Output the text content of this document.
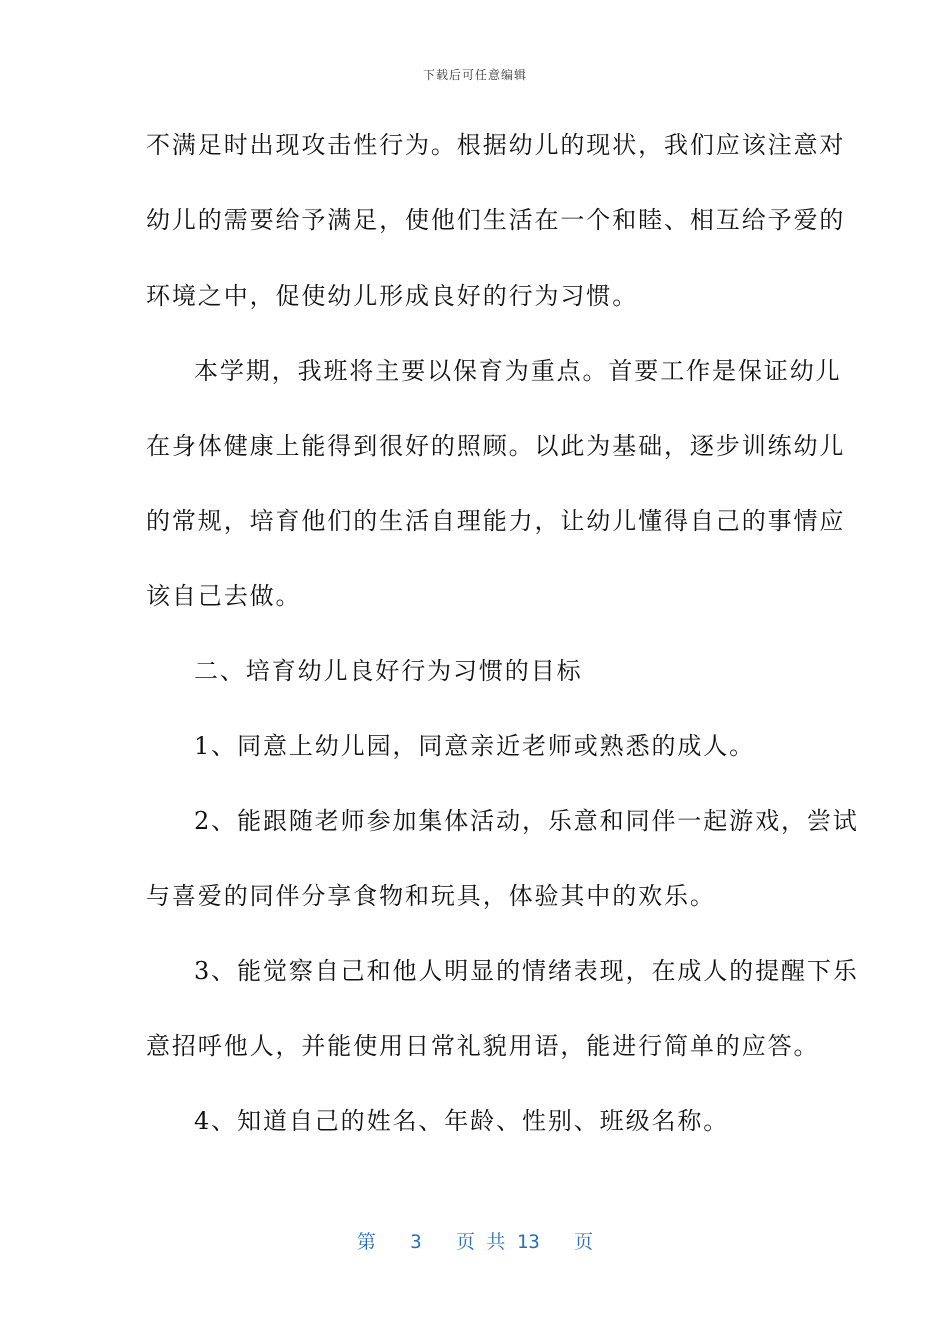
下载后可任意编辑
不满足时出现攻击性行为。根据幼儿的现状，我们应该注意对
幼儿的需要给予满足，使他们生活在一个和睦、相互给予爱的
环境之中，促使幼儿形成良好的行为习惯。
本学期，我班将主要以保育为重点。首要工作是保证幼儿
在身体健康上能得到很好的照顾。以此为基础，逐步训练幼儿
的常规，培育他们的生活自理能力，让幼儿懂得自己的事情应
该自己去做。
二、培育幼儿良好行为习惯的目标
1、同意上幼儿园，同意亲近老师或熟悉的成人。
2、能跟随老师参加集体活动，乐意和同伴一起游戏，尝试
与喜爱的同伴分享食物和玩具，体验其中的欢乐。
3、能觉察自己和他人明显的情绪表现，在成人的提醒下乐
意招呼他人，并能使用日常礼貌用语，能进行简单的应答。
4、知道自己的姓名、年龄、性别、班级名称。
第 3 页 共 13 页
